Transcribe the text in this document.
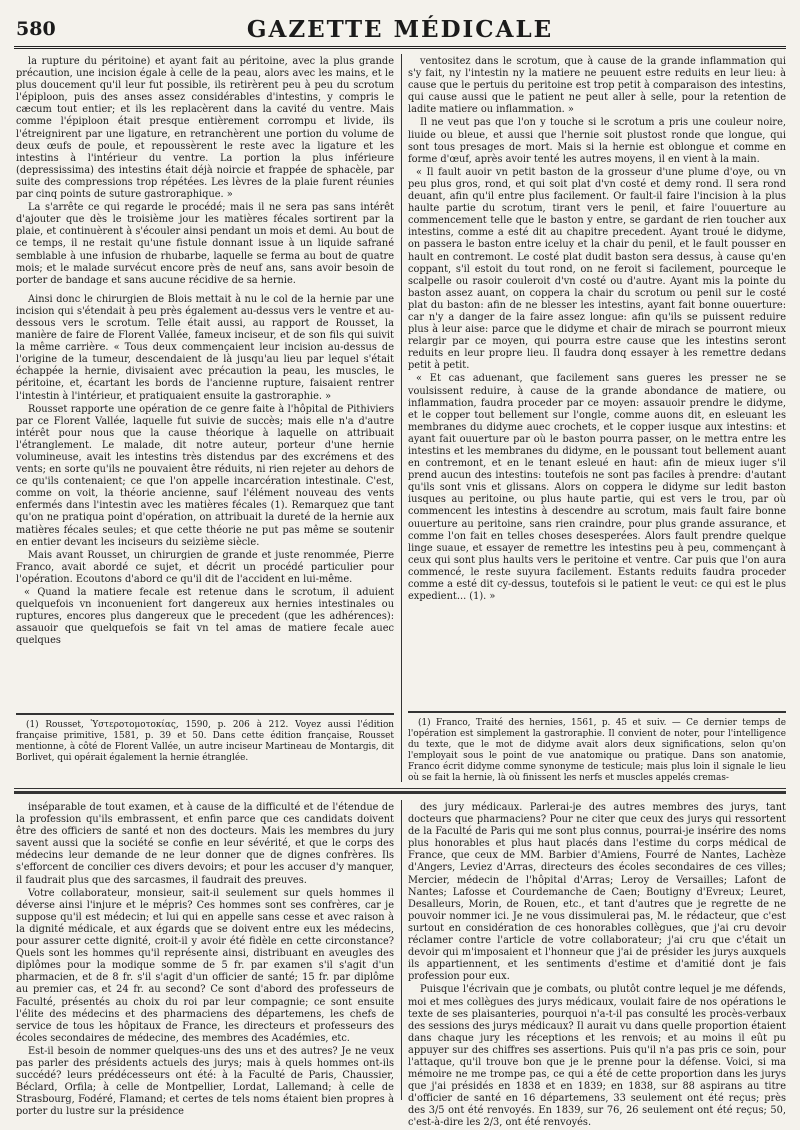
580	GAZETTE MÉDICALE

la rupture du péritoine) et ayant fait au péritoine, avec la plus grande précaution, une incision égale à celle de la peau, alors avec les mains, et le plus doucement qu'il leur fut possible, ils retirèrent peu à peu du scrotum l'épiploon, puis des anses assez considérables d'intestins, y compris le cæcum tout entier; et ils les replacèrent dans la cavité du ventre. Mais comme l'épiploon était presque entièrement corrompu et livide, ils l'étreignirent par une ligature, en retranchèrent une portion du volume de deux œufs de poule, et repoussèrent le reste avec la ligature et les intestins à l'intérieur du ventre. La portion la plus inférieure (depressissima) des intestins était déjà noircie et frappée de sphacèle, par suite des compressions trop répétées. Les lèvres de la plaie furent réunies par cinq points de suture gastroraphique. »

La s'arrête ce qui regarde le procédé; mais il ne sera pas sans intérêt d'ajouter que dès le troisième jour les matières fécales sortirent par la plaie, et continuèrent à s'écouler ainsi pendant un mois et demi. Au bout de ce temps, il ne restait qu'une fistule donnant issue à un liquide safrané semblable à une infusion de rhubarbe, laquelle se ferma au bout de quatre mois; et le malade survécut encore près de neuf ans, sans avoir besoin de porter de bandage et sans aucune récidive de sa hernie.

Ainsi donc le chirurgien de Blois mettait à nu le col de la hernie par une incision qui s'étendait à peu près également au-dessus vers le ventre et au-dessous vers le scrotum. Telle était aussi, au rapport de Rousset, la manière de faire de Florent Vallée, fameux inciseur, et de son fils qui suivit la même carrière. « Tous deux commençaient leur incision au-dessus de l'origine de la tumeur, descendaient de là jusqu'au lieu par lequel s'était échappée la hernie, divisaient avec précaution la peau, les muscles, le péritoine, et, écartant les bords de l'ancienne rupture, faisaient rentrer l'intestin à l'intérieur, et pratiquaient ensuite la gastroraphie. »

Rousset rapporte une opération de ce genre faite à l'hôpital de Pithiviers par ce Florent Vallée, laquelle fut suivie de succès; mais elle n'a d'autre intérêt pour nous que la cause théorique à laquelle on attribuait l'étranglement. Le malade, dit notre auteur, porteur d'une hernie volumineuse, avait les intestins très distendus par des excrémens et des vents; en sorte qu'ils ne pouvaient être réduits, ni rien rejeter au dehors de ce qu'ils contenaient; ce que l'on appelle incarcération intestinale. C'est, comme on voit, la théorie ancienne, sauf l'élément nouveau des vents enfermés dans l'intestin avec les matières fécales (1). Remarquez que tant qu'on ne pratiqua point d'opération, on attribuait la dureté de la hernie aux matières fécales seules; et que cette théorie ne put pas même se soutenir en entier devant les inciseurs du seizième siècle.

Mais avant Rousset, un chirurgien de grande et juste renommée, Pierre Franco, avait abordé ce sujet, et décrit un procédé particulier pour l'opération. Ecoutons d'abord ce qu'il dit de l'accident en lui-même.

« Quand la matiere fecale est retenue dans le scrotum, il aduient quelquefois vn inconuenient fort dangereux aux hernies intestinales ou ruptures, encores plus dangereux que le precedent (que les adhérences): assauoir que quelquefois se fait vn tel amas de matiere fecale auec quelques

ventositez dans le scrotum, que à cause de la grande inflammation qui s'y fait, ny l'intestin ny la matiere ne peuuent estre reduits en leur lieu: à cause que le pertuis du peritoine est trop petit à comparaison des intestins, qui cause aussi que le patient ne peut aller à selle, pour la retention de ladite matiere ou inflammation. »

Il ne veut pas que l'on y touche si le scrotum a pris une couleur noire, liuide ou bleue, et aussi que l'hernie soit plustost ronde que longue, qui sont tous presages de mort. Mais si la hernie est oblongue et comme en forme d'œuf, après avoir tenté les autres moyens, il en vient à la main.

« Il fault auoir vn petit baston de la grosseur d'une plume d'oye, ou vn peu plus gros, rond, et qui soit plat d'vn costé et demy rond. Il sera rond deuant, afin qu'il entre plus facilement. Or fault-il faire l'incision à la plus haulte partie du scrotum, tirant vers le penil, et faire l'ouuerture au commencement telle que le baston y entre, se gardant de rien toucher aux intestins, comme a esté dit au chapitre precedent. Ayant troué le didyme, on passera le baston entre iceluy et la chair du penil, et le fault pousser en hault en contremont. Le costé plat dudit baston sera dessus, à cause qu'en coppant, s'il estoit du tout rond, on ne feroit si facilement, pourceque le scalpelle ou rasoir couleroit d'vn costé ou d'autre. Ayant mis la pointe du baston assez auant, on coppera la chair du scrotum ou penil sur le costé plat du baston: afin de ne blesser les intestins, ayant fait bonne ouuerture: car n'y a danger de la faire assez longue: afin qu'ils se puissent reduire plus à leur aise: parce que le didyme et chair de mirach se pourront mieux relargir par ce moyen, qui pourra estre cause que les intestins seront reduits en leur propre lieu. Il faudra donq essayer à les remettre dedans petit à petit.

« Et cas aduenant, que facilement sans gueres les presser ne se voulsissent reduire, à cause de la grande abondance de matiere, ou inflammation, faudra proceder par ce moyen: assauoir prendre le didyme, et le copper tout bellement sur l'ongle, comme auons dit, en esleuant les membranes du didyme auec crochets, et le copper iusque aux intestins: et ayant fait ouuerture par où le baston pourra passer, on le mettra entre les intestins et les membranes du didyme, en le poussant tout bellement auant en contremont, et en le tenant esleué en haut: afin de mieux iuger s'il prend aucun des intestins: toutefois ne sont pas faciles à prendre: d'autant qu'ils sont vnis et glissans. Alors on coppera le didyme sur ledit baston iusques au peritoine, ou plus haute partie, qui est vers le trou, par où commencent les intestins à descendre au scrotum, mais fault faire bonne ouuerture au peritoine, sans rien craindre, pour plus grande assurance, et comme l'on fait en telles choses desesperées. Alors fault prendre quelque linge suaue, et essayer de remettre les intestins peu à peu, commençant à ceux qui sont plus haults vers le peritoine et ventre. Car puis que l'on aura commencé, le reste suyura facilement. Estants reduits faudra proceder comme a esté dit cy-dessus, toutefois si le patient le veut: ce qui est le plus expedient... (1). »

(1) Rousset, Ὑστεροτομοτοκίας, 1590, p. 206 à 212. Voyez aussi l'édition française primitive, 1581, p. 39 et 50. Dans cette édition française, Rousset mentionne, à côté de Florent Vallée, un autre inciseur Martineau de Montargis, dit Borlivet, qui opérait également la hernie étranglée.

(1) Franco, Traité des hernies, 1561, p. 45 et suiv. — Ce dernier temps de l'opération est simplement la gastroraphie. Il convient de noter, pour l'intelligence du texte, que le mot de didyme avait alors deux significations, selon qu'on l'employait sous le point de vue anatomique ou pratique. Dans son anatomie, Franco écrit didyme comme synonyme de testicule; mais plus loin il signale le lieu où se fait la hernie, là où finissent les nerfs et muscles appelés cremas-

inséparable de tout examen, et à cause de la difficulté et de l'étendue de la profession qu'ils embrassent, et enfin parce que ces candidats doivent être des officiers de santé et non des docteurs. Mais les membres du jury savent aussi que la société se confie en leur sévérité, et que le corps des médecins leur demande de ne leur donner que de dignes confrères. Ils s'efforcent de concilier ces divers devoirs; et pour les accuser d'y manquer, il faudrait plus que des sarcasmes, il faudrait des preuves.

Votre collaborateur, monsieur, sait-il seulement sur quels hommes il déverse ainsi l'injure et le mépris? Ces hommes sont ses confrères, car je suppose qu'il est médecin; et lui qui en appelle sans cesse et avec raison à la dignité médicale, et aux égards que se doivent entre eux les médecins, pour assurer cette dignité, croit-il y avoir été fidèle en cette circonstance? Quels sont les hommes qu'il représente ainsi, distribuant en aveugles des diplômes pour la modique somme de 5 fr. par examen s'il s'agit d'un pharmacien, et de 8 fr. s'il s'agit d'un officier de santé; 15 fr. par diplôme au premier cas, et 24 fr. au second? Ce sont d'abord des professeurs de Faculté, présentés au choix du roi par leur compagnie; ce sont ensuite l'élite des médecins et des pharmaciens des départemens, les chefs de service de tous les hôpitaux de France, les directeurs et professeurs des écoles secondaires de médecine, des membres des Académies, etc.

Est-il besoin de nommer quelques-uns des uns et des autres? Je ne veux pas parler des présidents actuels des jurys; mais à quels hommes ont-ils succédé? leurs prédécesseurs ont été: à la Faculté de Paris, Chaussier, Béclard, Orfila; à celle de Montpellier, Lordat, Lallemand; à celle de Strasbourg, Fodéré, Flamand; et certes de tels noms étaient bien propres à porter du lustre sur la présidence

des jury médicaux. Parlerai-je des autres membres des jurys, tant docteurs que pharmaciens? Pour ne citer que ceux des jurys qui ressortent de la Faculté de Paris qui me sont plus connus, pourrai-je insérire des noms plus honorables et plus haut placés dans l'estime du corps médical de France, que ceux de MM. Barbier d'Amiens, Fourré de Nantes, Lachèze d'Angers, Leviez d'Arras, directeurs des écoles secondaires de ces villes; Mercier, médecin de l'hôpital d'Arras; Leroy de Versailles; Lafont de Nantes; Lafosse et Courdemanche de Caen; Boutigny d'Evreux; Leuret, Desalleurs, Morin, de Rouen, etc., et tant d'autres que je regrette de ne pouvoir nommer ici. Je ne vous dissimulerai pas, M. le rédacteur, que c'est surtout en considération de ces honorables collègues, que j'ai cru devoir réclamer contre l'article de votre collaborateur; j'ai cru que c'était un devoir qui m'imposaient et l'honneur que j'ai de présider les jurys auxquels ils appartiennent, et les sentiments d'estime et d'amitié dont je fais profession pour eux.

Puisque l'écrivain que je combats, ou plutôt contre lequel je me défends, moi et mes collègues des jurys médicaux, voulait faire de nos opérations le texte de ses plaisanteries, pourquoi n'a-t-il pas consulté les procès-verbaux des sessions des jurys médicaux? Il aurait vu dans quelle proportion étaient dans chaque jury les réceptions et les renvois; et au moins il eût pu appuyer sur des chiffres ses assertions. Puis qu'il n'a pas pris ce soin, pour l'attaque, qu'il trouve bon que je le prenne pour la défense. Voici, si ma mémoire ne me trompe pas, ce qui a été de cette proportion dans les jurys que j'ai présidés en 1838 et en 1839; en 1838, sur 88 aspirans au titre d'officier de santé en 16 départemens, 33 seulement ont été reçus; près des 3/5 ont été renvoyés. En 1839, sur 76, 26 seulement ont été reçus; 50, c'est-à-dire les 2/3, ont été renvoyés.
